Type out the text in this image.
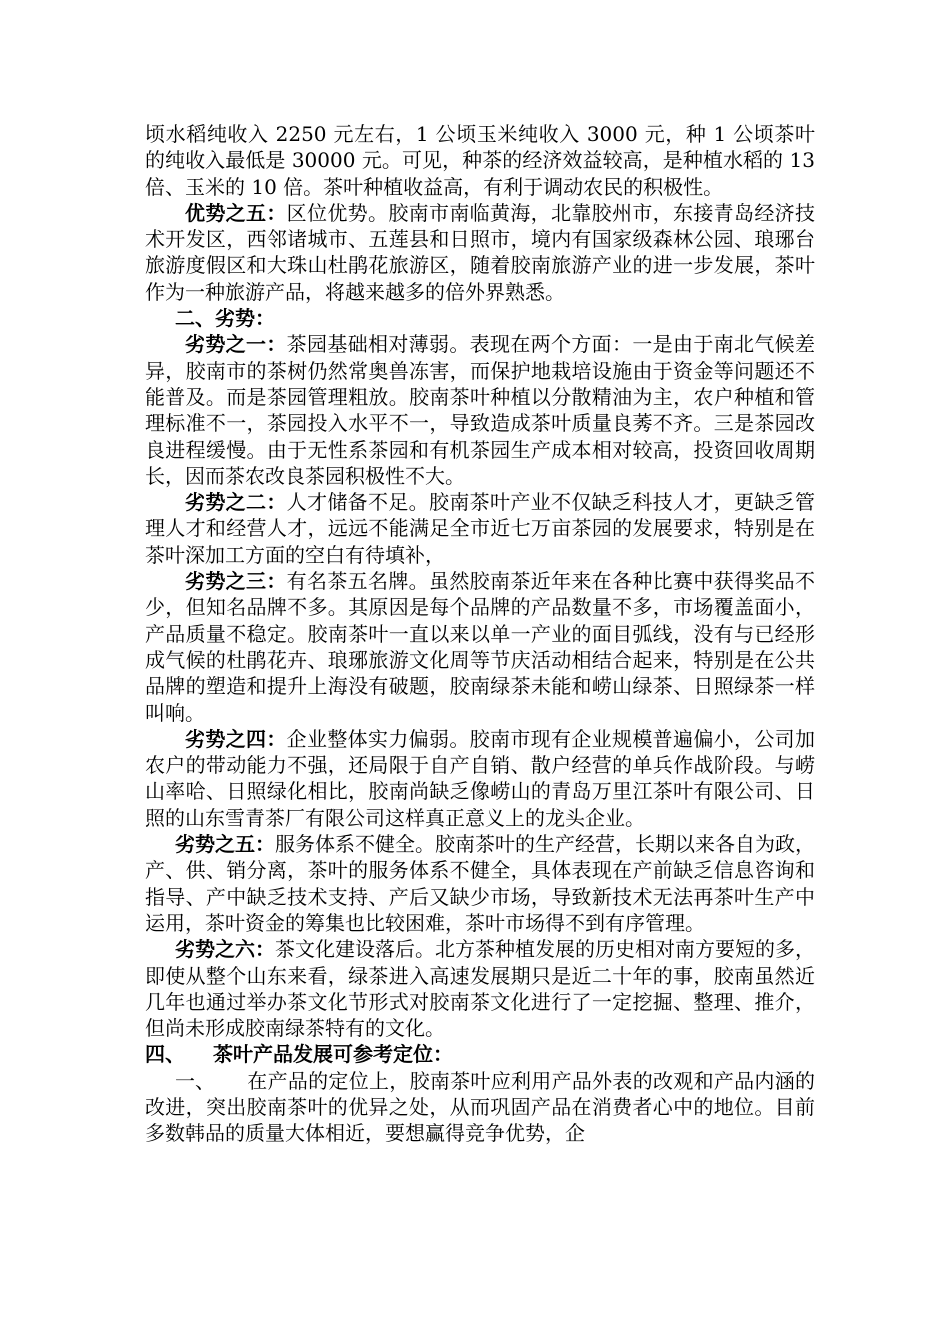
顷水稻纯收入 2250 元左右，1 公顷玉米纯收入 3000 元，种 1 公顷茶叶的纯收入最低是 30000 元。可见，种茶的经济效益较高，是种植水稻的 13 倍、玉米的 10 倍。茶叶种植收益高，有利于调动农民的积极性。

优势之五：区位优势。胶南市南临黄海，北靠胶州市，东接青岛经济技术开发区，西邻诸城市、五莲县和日照市，境内有国家级森林公园、琅琊台旅游度假区和大珠山杜鹃花旅游区，随着胶南旅游产业的进一步发展，茶叶作为一种旅游产品，将越来越多的倍外界熟悉。

二、劣势：

劣势之一：茶园基础相对薄弱。表现在两个方面：一是由于南北气候差异，胶南市的茶树仍然常奥兽冻害，而保护地栽培设施由于资金等问题还不能普及。而是茶园管理粗放。胶南茶叶种植以分散精油为主，农户种植和管理标准不一，茶园投入水平不一，导致造成茶叶质量良莠不齐。三是茶园改良进程缓慢。由于无性系茶园和有机茶园生产成本相对较高，投资回收周期长，因而茶农改良茶园积极性不大。

劣势之二：人才储备不足。胶南茶叶产业不仅缺乏科技人才，更缺乏管理人才和经营人才，远远不能满足全市近七万亩茶园的发展要求，特别是在茶叶深加工方面的空白有待填补，

劣势之三：有名茶五名牌。虽然胶南茶近年来在各种比赛中获得奖品不少，但知名品牌不多。其原因是每个品牌的产品数量不多，市场覆盖面小，产品质量不稳定。胶南茶叶一直以来以单一产业的面目弧线，没有与已经形成气候的杜鹃花卉、琅琊旅游文化周等节庆活动相结合起来，特别是在公共品牌的塑造和提升上海没有破题，胶南绿茶未能和崂山绿茶、日照绿茶一样叫响。

劣势之四：企业整体实力偏弱。胶南市现有企业规模普遍偏小，公司加农户的带动能力不强，还局限于自产自销、散户经营的单兵作战阶段。与崂山率哈、日照绿化相比，胶南尚缺乏像崂山的青岛万里江茶叶有限公司、日照的山东雪青茶厂有限公司这样真正意义上的龙头企业。

劣势之五：服务体系不健全。胶南茶叶的生产经营，长期以来各自为政，产、供、销分离，茶叶的服务体系不健全，具体表现在产前缺乏信息咨询和指导、产中缺乏技术支持、产后又缺少市场，导致新技术无法再茶叶生产中运用，茶叶资金的筹集也比较困难，茶叶市场得不到有序管理。

劣势之六：茶文化建设落后。北方茶种植发展的历史相对南方要短的多，即使从整个山东来看，绿茶进入高速发展期只是近二十年的事，胶南虽然近几年也通过举办茶文化节形式对胶南茶文化进行了一定挖掘、整理、推介，但尚未形成胶南绿茶特有的文化。

四、 茶叶产品发展可参考定位：

一、 在产品的定位上，胶南茶叶应利用产品外表的改观和产品内涵的改进，突出胶南茶叶的优异之处，从而巩固产品在消费者心中的地位。目前多数韩品的质量大体相近，要想赢得竞争优势，企
